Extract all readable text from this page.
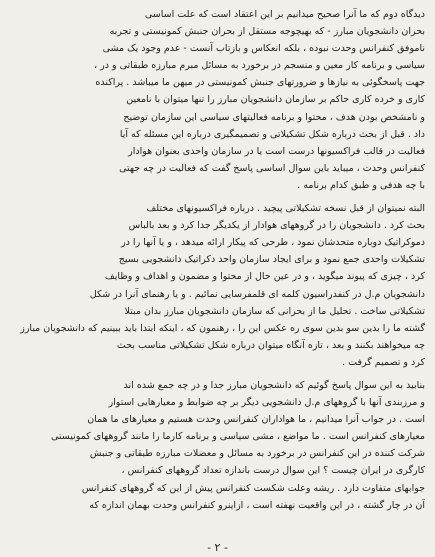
دیدگاه دوم که ما آنرا صحیح میدانیم بر این اعتقاد است که علت اساسی
بحران دانشجویان مبارز - که بهیچوجه مستقل از بحران جنبش کمونیستی و تجربه
ناموفق کنفرانس وحدت نبوده ، بلکه انعکاس و بازتاب آنست - عدم وجود یک مشی
سیاسی و برنامه کار معین و منسجم در برخورد به مسائل مبرم مبارزه طبقاتی و در ،
جهت پاسخگوئی به نیازها و ضرورتهای جنبش کمونیستی در میهن ما میباشد . پراکنده
کاری و خرده کاری حاکم بر سازمان دانشجویان مبارز را تنها میتوان با نامعین
و نامشخص بودن هدف ، محتوا و برنامه فعالیتهای سیاسی این سازمان توضیح
داد . قبل از بحث درباره شکل تشکیلاتی و تصمیمگیری درباره این مسئله که آیا
فعالیت در قالب فراکسیونها درست است یا در سازمان واحدی بعنوان هوادار
کنفرانس وحدت ، میباید باین سوال اساسی پاسخ گفت که فعالیت در چه جهتی
با چه هدفی و طبق کدام برنامه .
البته نمیتوان از قبل نسخه تشکیلاتی پیچید . درباره فراکسیونهای مختلف
بحث کرد . دانشجویان را در گروههای هوادار از یکدیگر جدا کرد و بعد بالباس
دموکراتیک دوباره متحدشان نمود ، طرحی که پیکار ارائه میدهد ، و یا آنها را در
تشکیلات واحدی جمع نمود و برای ایجاد سازمان واحد دکراتیک دانشجویی بسیج
کرد ، چیزی که پیوند میگوید ، و در عین حال از محتوا و مضمون و اهداف و وظایف
دانشجویان م.ل در کنفدراسیون کلمه ای قلمفرسایی نمائیم . و یا رهنمای آنرا در شکل
تشکیلاتی ساخت . تحلیل ما از بحرانی که سازمان دانشجویان مبارز بدان مبتلا
گشته ما را بدین سو بدین سوی ره عکس این را ، رهنمون که ، اینکه ابتدا باید ببینیم که دانشجویان مبارز
چه میخواهند بکنند و بعد ، تازه آنگاه میتوان درباره شکل تشکیلاتی مناسب بحث
کرد و تصمیم گرفت .
بنابید به این سوال پاسخ گوئیم که دانشجویان مبارز جدا و در چه جمع شده اند
و مرزبندی آنها با گروههای م.ل دانشجویی دیگر بر چه ضوابط و معیارهایی استوار
است . در جواب آنرا میدانیم ، ما هواداران کنفرانس وحدت هستیم و معیارهای ما همان
معیارهای کنفرانس است . ما مواضع ، مشی سیاسی و برنامه کارما را مانند گروههای کمونیستی
شرکت کننده در این کنفرانس در برخورد به مسائل و معضلات مبارزه طبقاتی و جنبش
کارگری در ایران چیست ؟ این سوال درست باندازه تعداد گروههای کنفرانس ،
جوابهای متفاوت دارد . ریشه وعلت شکست کنفرانس پیش از این که گروههای کنفرانس
آن در چار گشته ، در این واقعیت نهفته است ، ازاینرو کنفرانس وحدت بهمان اندازه که
- ٢ -
